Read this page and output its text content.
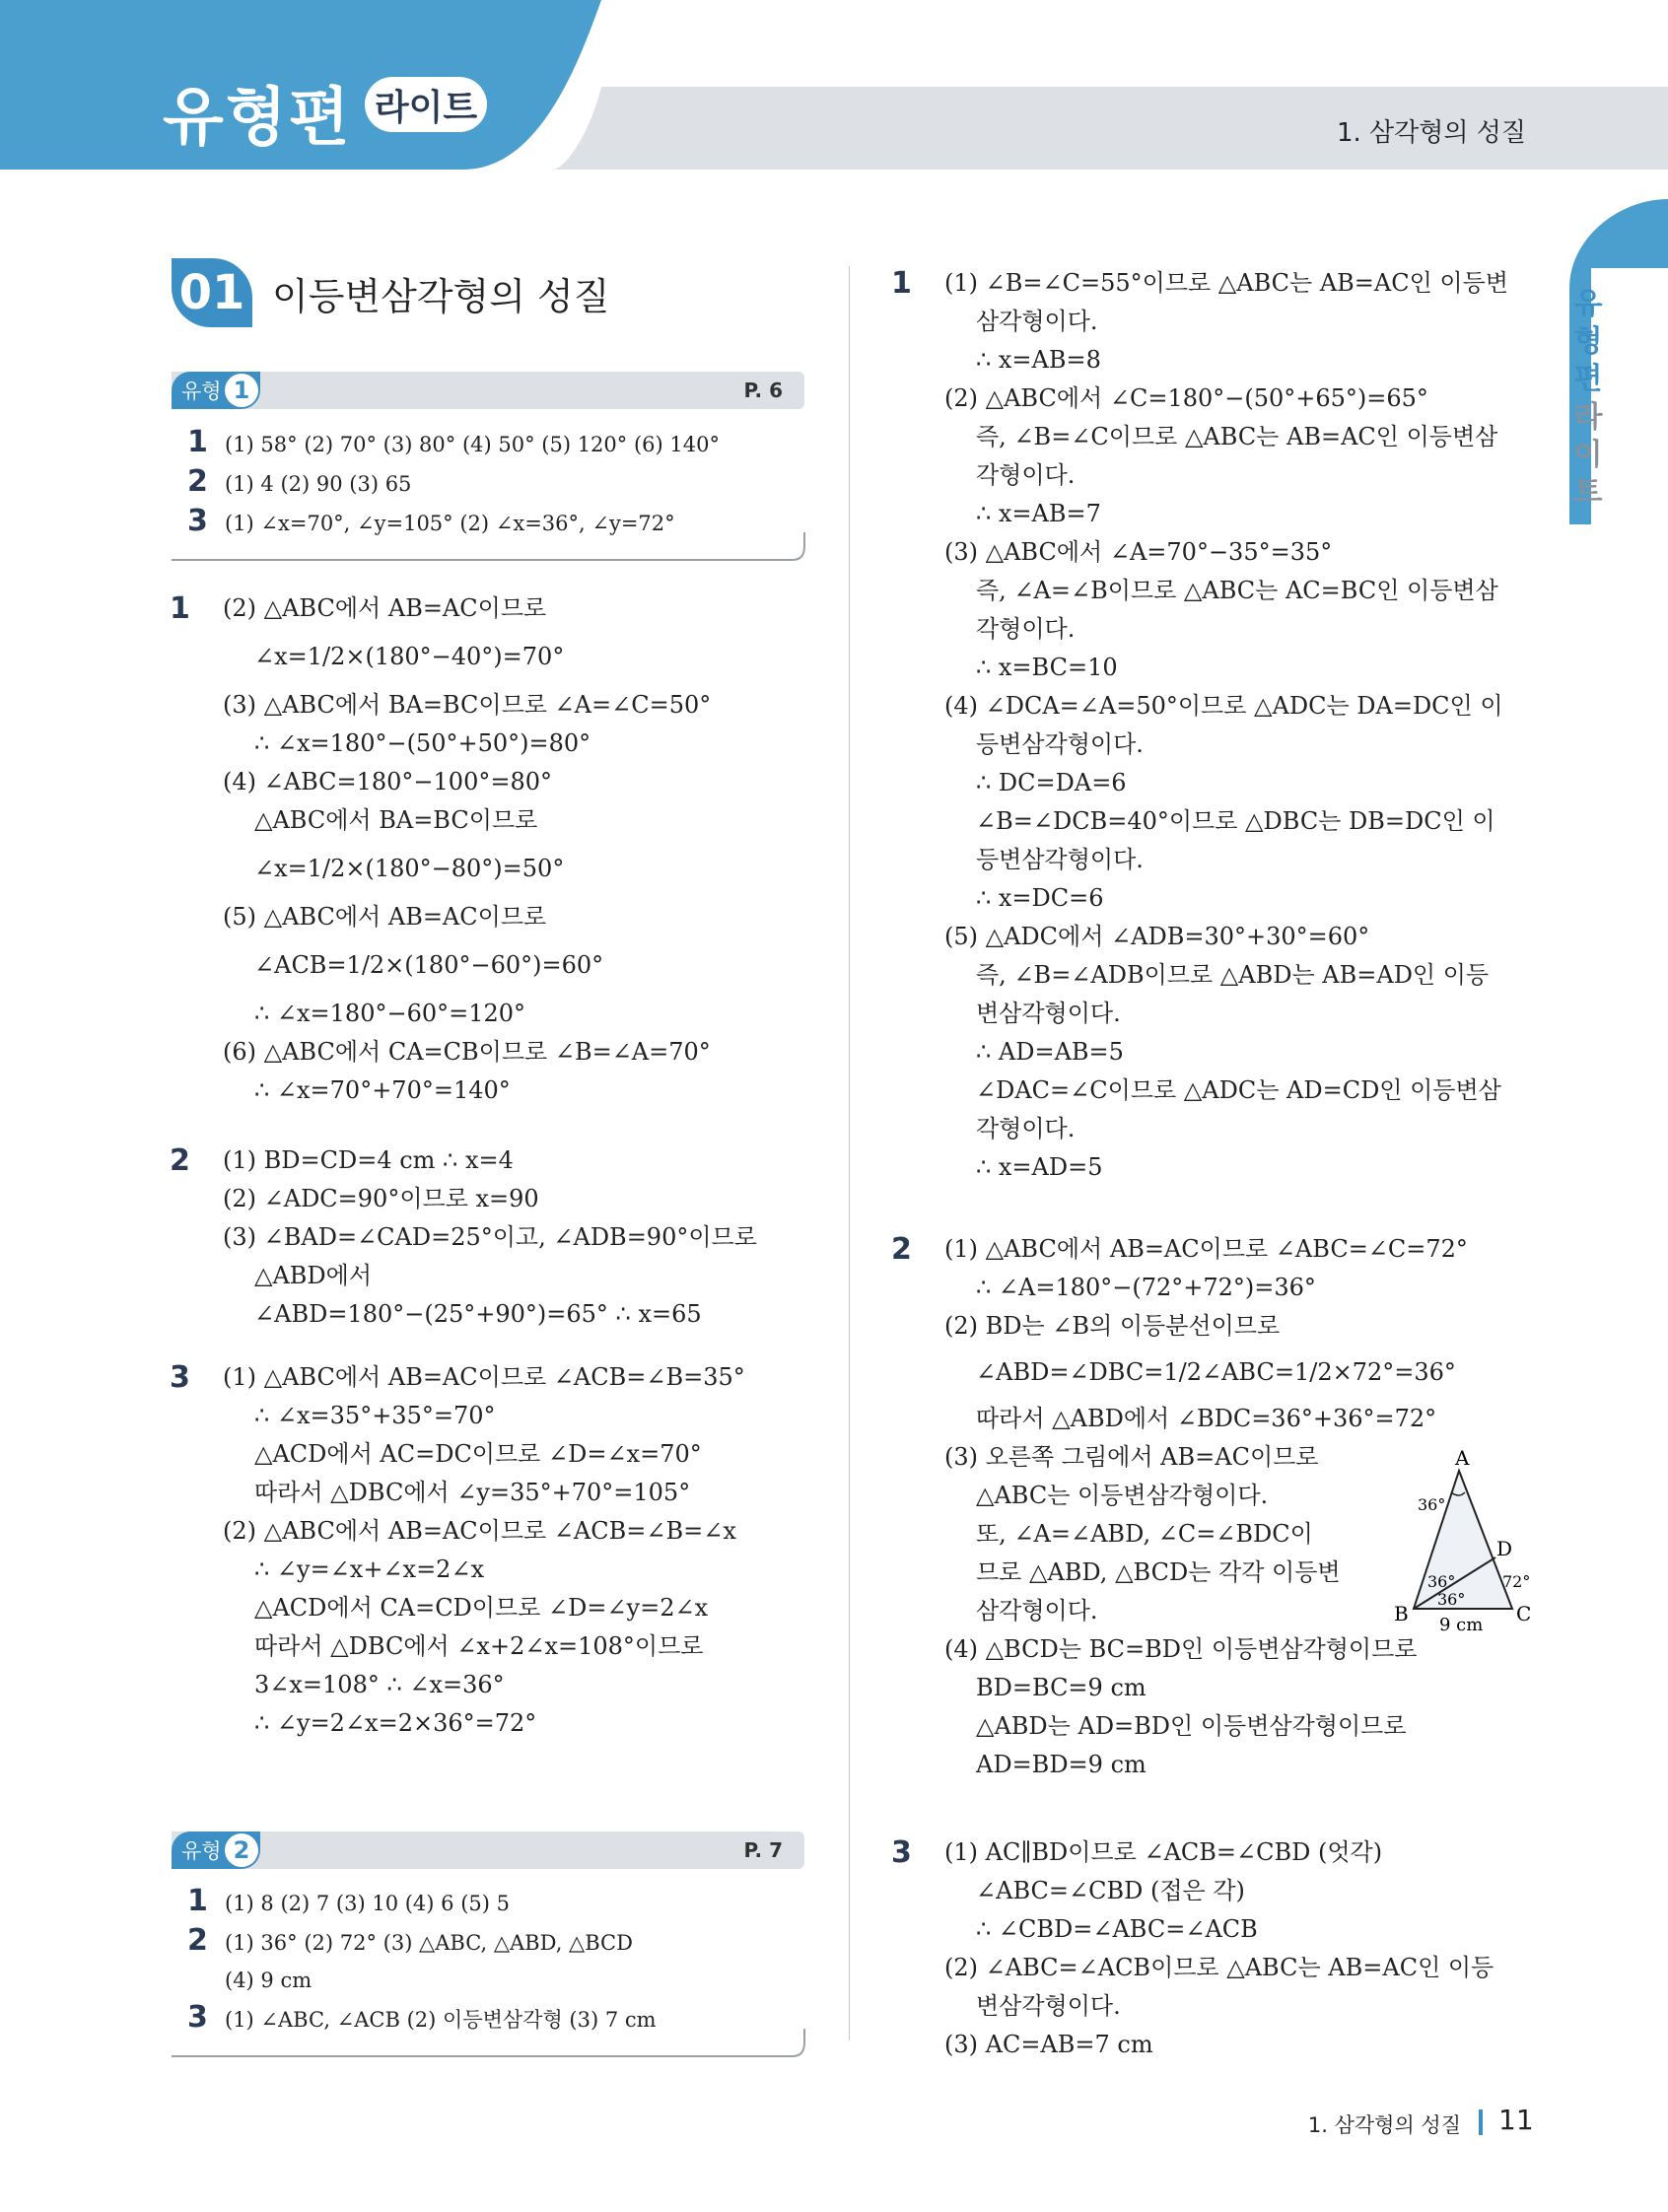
유형편 라이트
1. 삼각형의 성질
유형편
라이트
01 이등변삼각형의 성질
유형 1	P. 6
1 (1) 58° (2) 70° (3) 80° (4) 50° (5) 120° (6) 140°
2 (1) 4 (2) 90 (3) 65
3 (1) ∠x=70°, ∠y=105° (2) ∠x=36°, ∠y=72°
1 (2) △ABC에서 AB=AC이므로
∠x=1/2×(180°−40°)=70°
(3) △ABC에서 BA=BC이므로 ∠A=∠C=50°
∴ ∠x=180°−(50°+50°)=80°
(4) ∠ABC=180°−100°=80°
△ABC에서 BA=BC이므로
∠x=1/2×(180°−80°)=50°
(5) △ABC에서 AB=AC이므로
∠ACB=1/2×(180°−60°)=60°
∴ ∠x=180°−60°=120°
(6) △ABC에서 CA=CB이므로 ∠B=∠A=70°
∴ ∠x=70°+70°=140°
2 (1) BD=CD=4 cm ∴ x=4
(2) ∠ADC=90°이므로 x=90
(3) ∠BAD=∠CAD=25°이고, ∠ADB=90°이므로
△ABD에서
∠ABD=180°−(25°+90°)=65° ∴ x=65
3 (1) △ABC에서 AB=AC이므로 ∠ACB=∠B=35°
∴ ∠x=35°+35°=70°
△ACD에서 AC=DC이므로 ∠D=∠x=70°
따라서 △DBC에서 ∠y=35°+70°=105°
(2) △ABC에서 AB=AC이므로 ∠ACB=∠B=∠x
∴ ∠y=∠x+∠x=2∠x
△ACD에서 CA=CD이므로 ∠D=∠y=2∠x
따라서 △DBC에서 ∠x+2∠x=108°이므로
3∠x=108° ∴ ∠x=36°
∴ ∠y=2∠x=2×36°=72°
유형 2	P. 7
1 (1) 8 (2) 7 (3) 10 (4) 6 (5) 5
2 (1) 36° (2) 72° (3) △ABC, △ABD, △BCD
(4) 9 cm
3 (1) ∠ABC, ∠ACB (2) 이등변삼각형 (3) 7 cm
1 (1) ∠B=∠C=55°이므로 △ABC는 AB=AC인 이등변
삼각형이다.
∴ x=AB=8
(2) △ABC에서 ∠C=180°−(50°+65°)=65°
즉, ∠B=∠C이므로 △ABC는 AB=AC인 이등변삼
각형이다.
∴ x=AB=7
(3) △ABC에서 ∠A=70°−35°=35°
즉, ∠A=∠B이므로 △ABC는 AC=BC인 이등변삼
각형이다.
∴ x=BC=10
(4) ∠DCA=∠A=50°이므로 △ADC는 DA=DC인 이
등변삼각형이다.
∴ DC=DA=6
∠B=∠DCB=40°이므로 △DBC는 DB=DC인 이
등변삼각형이다.
∴ x=DC=6
(5) △ADC에서 ∠ADB=30°+30°=60°
즉, ∠B=∠ADB이므로 △ABD는 AB=AD인 이등
변삼각형이다.
∴ AD=AB=5
∠DAC=∠C이므로 △ADC는 AD=CD인 이등변삼
각형이다.
∴ x=AD=5
2 (1) △ABC에서 AB=AC이므로 ∠ABC=∠C=72°
∴ ∠A=180°−(72°+72°)=36°
(2) BD는 ∠B의 이등분선이므로
∠ABD=∠DBC=1/2∠ABC=1/2×72°=36°
따라서 △ABD에서 ∠BDC=36°+36°=72°
(3) 오른쪽 그림에서 AB=AC이므로
△ABC는 이등변삼각형이다.
또, ∠A=∠ABD, ∠C=∠BDC이
므로 △ABD, △BCD는 각각 이등변
삼각형이다.
(4) △BCD는 BC=BD인 이등변삼각형이므로
BD=BC=9 cm
△ABD는 AD=BD인 이등변삼각형이므로
AD=BD=9 cm
A
B	C
D
36°
36°
36°
72°
9 cm
3 (1) AC∥BD이므로 ∠ACB=∠CBD (엇각)
∠ABC=∠CBD (접은 각)
∴ ∠CBD=∠ABC=∠ACB
(2) ∠ABC=∠ACB이므로 △ABC는 AB=AC인 이등
변삼각형이다.
(3) AC=AB=7 cm
1. 삼각형의 성질 11
